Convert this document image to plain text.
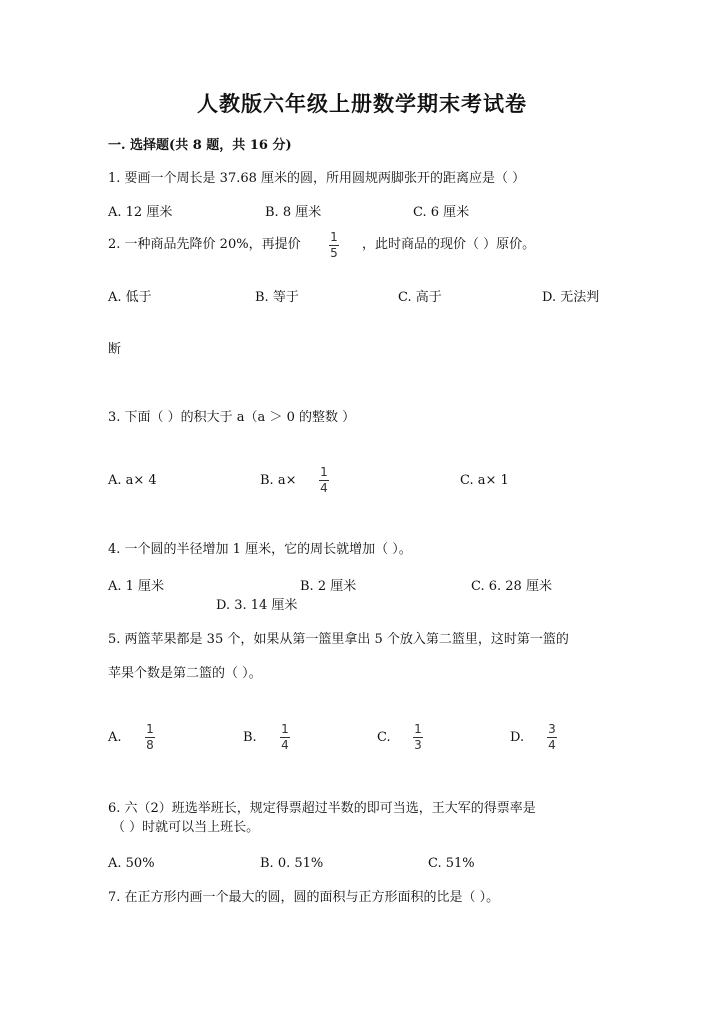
人教版六年级上册数学期末考试卷
一. 选择题(共 8 题，共 16 分)
1. 要画一个周长是 37.68 厘米的圆，所用圆规两脚张开的距离应是（ ）
A. 12 厘米	B. 8 厘米	C. 6 厘米
2. 一种商品先降价 20%，再提价 1
5
，此时商品的现价（ ）原价。
A. 低于	B. 等于	C. 高于	D. 无法判
断
3. 下面（ ）的积大于 a（a ＞ 0 的整数 ）
A. a× 4	B. a×
1
4	C. a× 1
4. 一个圆的半径增加 1 厘米，它的周长就增加（ ）。
A. 1 厘米	B. 2 厘米	C. 6. 28 厘米
D. 3. 14 厘米
5. 两篮苹果都是 35 个，如果从第一篮里拿出 5 个放入第二篮里，这时第一篮的
苹果个数是第二篮的（ ）。
A.
1
8	B.
1
4	C.
1
3	D.
3
4
6. 六（2）班选举班长，规定得票超过半数的即可当选，王大军的得票率是
（ ）时就可以当上班长。
A. 50%	B. 0. 51%	C. 51%
7. 在正方形内画一个最大的圆，圆的面积与正方形面积的比是（ ）。
